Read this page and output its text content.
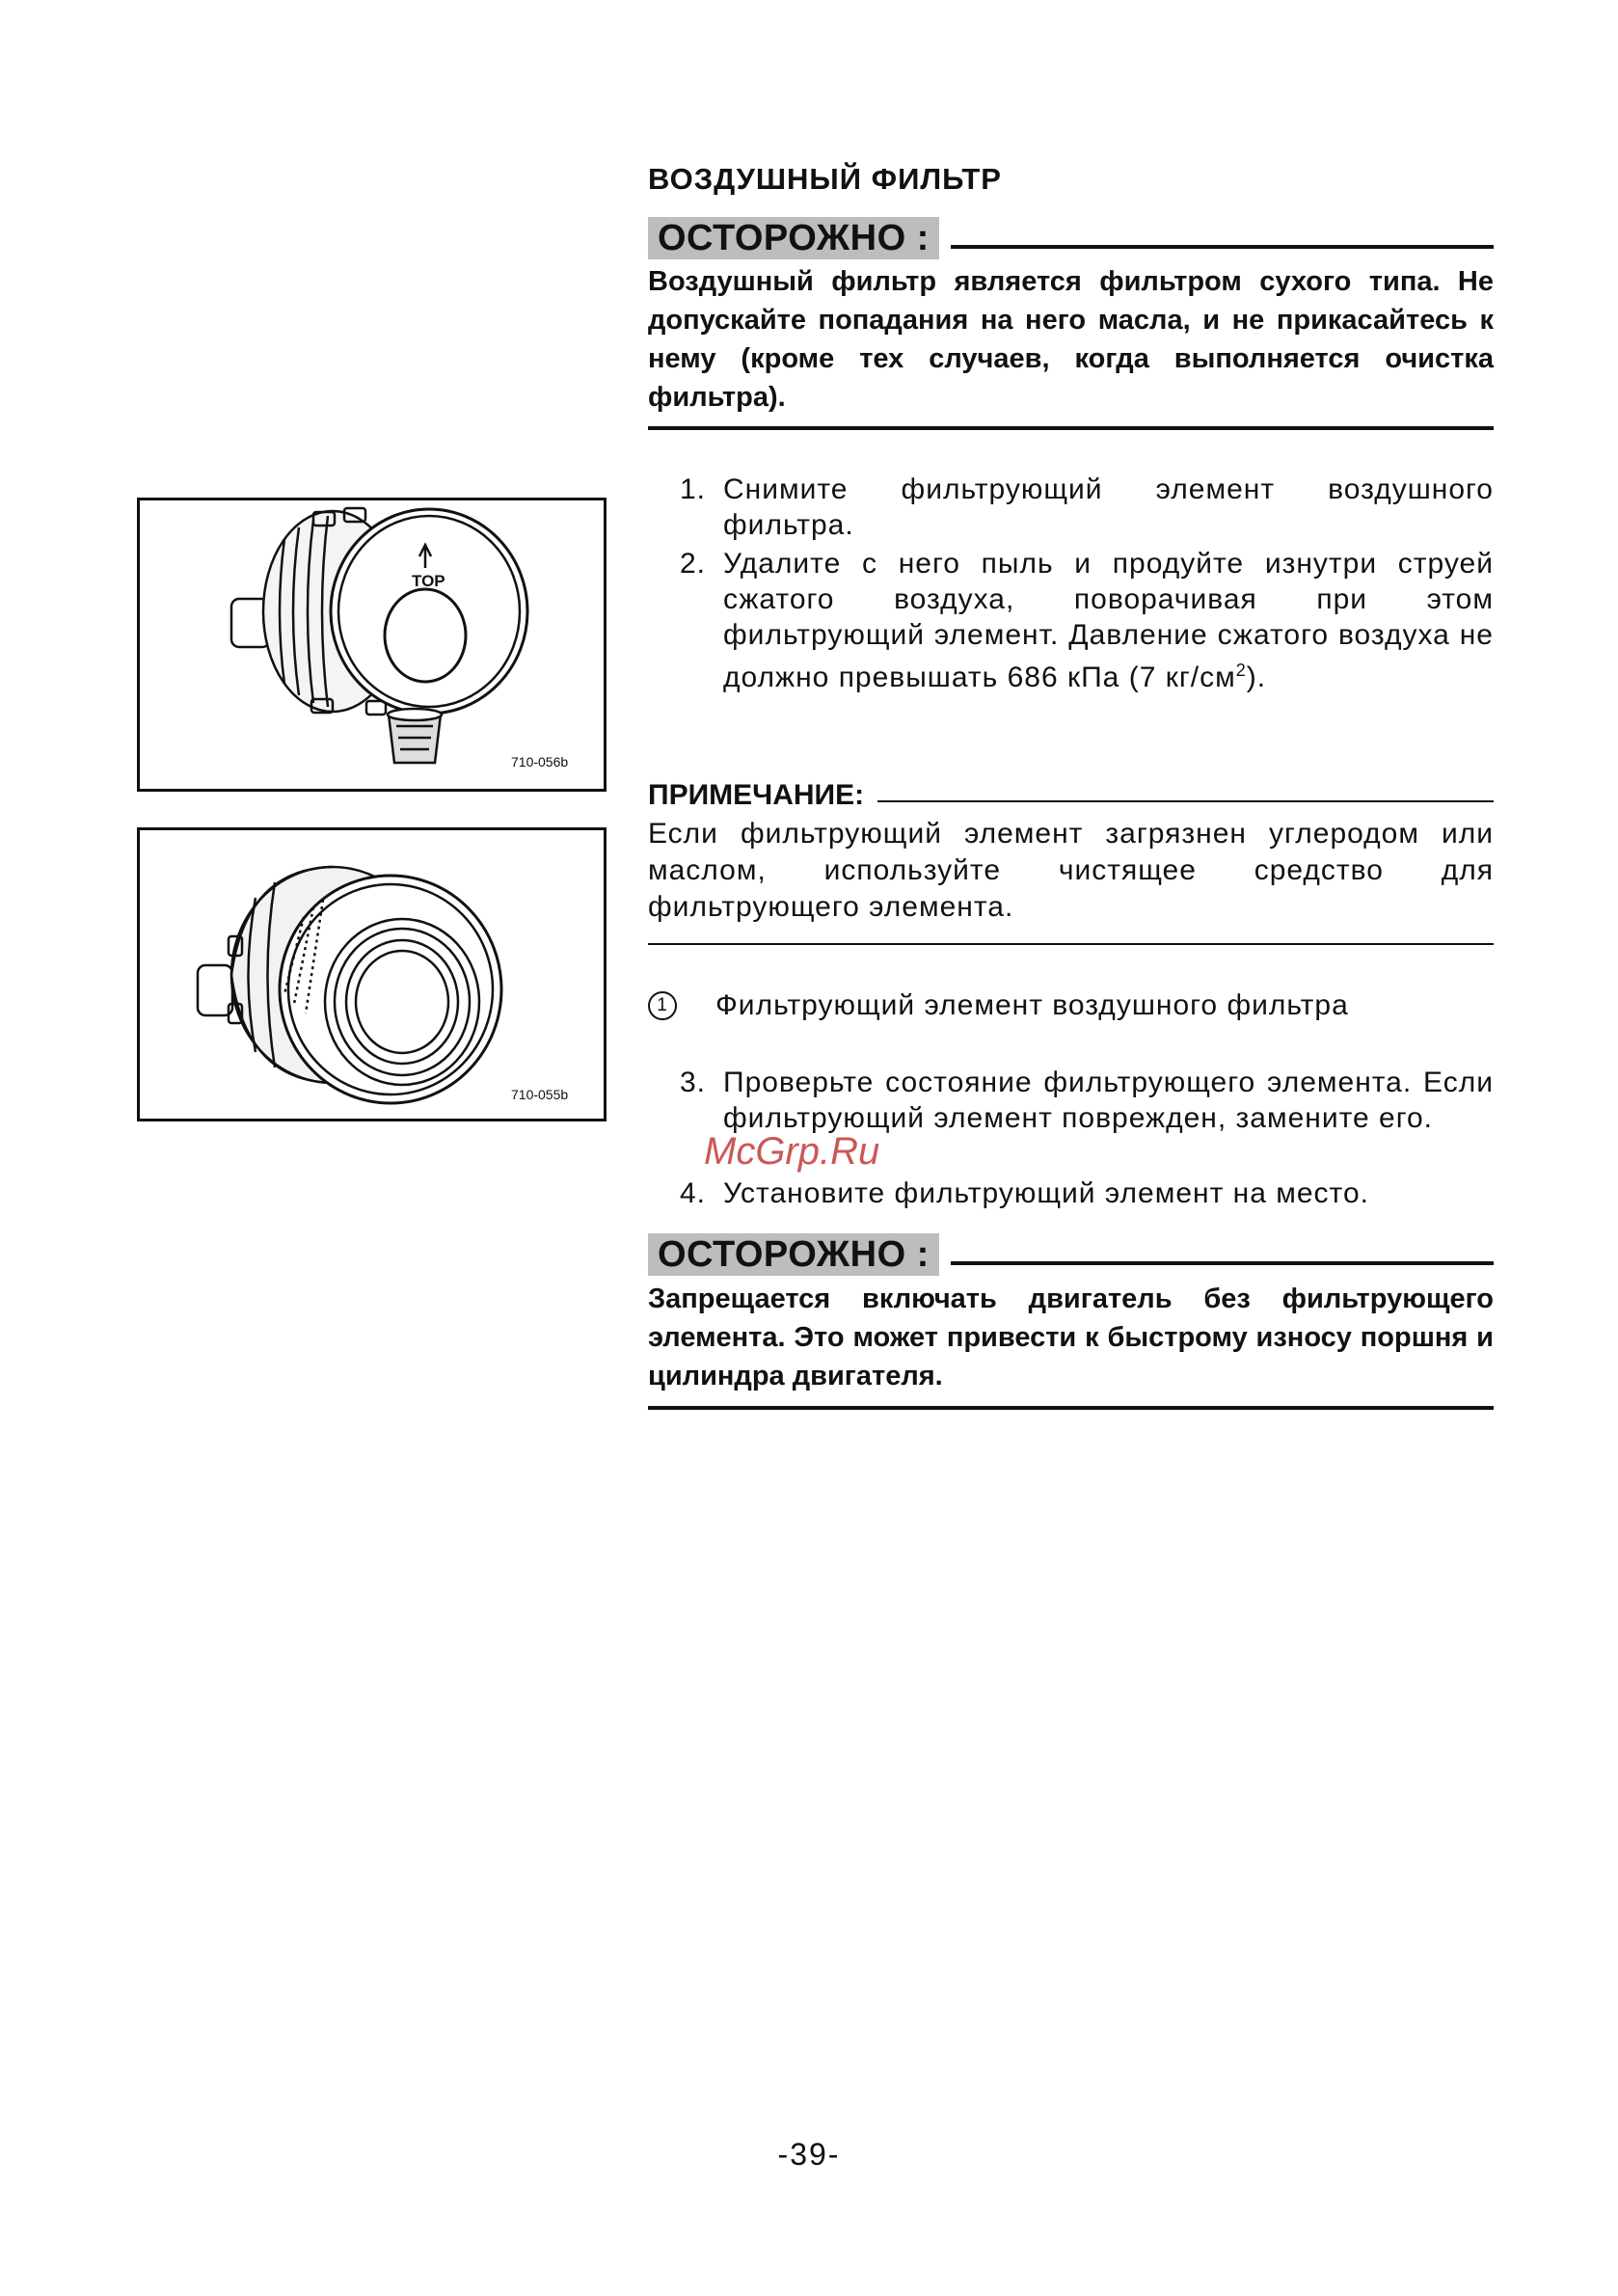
ВОЗДУШНЫЙ ФИЛЬТР
ОСТОРОЖНО :
Воздушный фильтр является фильтром сухого типа. Не допускайте попадания на него масла, и не прикасайтесь к нему (кроме тех случаев, когда выполняется очистка фильтра).
1. Снимите фильтрующий элемент воздушного фильтра.
2. Удалите с него пыль и продуйте изнутри струей сжатого воздуха, поворачивая при этом фильтрующий элемент. Давление сжатого воздуха не должно превышать 686 кПа (7 $кг/см^2$).
ПРИМЕЧАНИЕ:
Если фильтрующий элемент загрязнен углеродом или маслом, используйте чистящее средство для фильтрующего элемента.
1	Фильтрующий элемент воздушного фильтра
3. Проверьте состояние фильтрующего элемента. Если фильтрующий элемент поврежден, замените его.
4. Установите фильтрующий элемент на место.
McGrp.Ru
ОСТОРОЖНО :
Запрещается включать двигатель без фильтрующего элемента. Это может привести к быстрому износу поршня и цилиндра двигателя.
TOP
710-056b
710-055b
-39-
